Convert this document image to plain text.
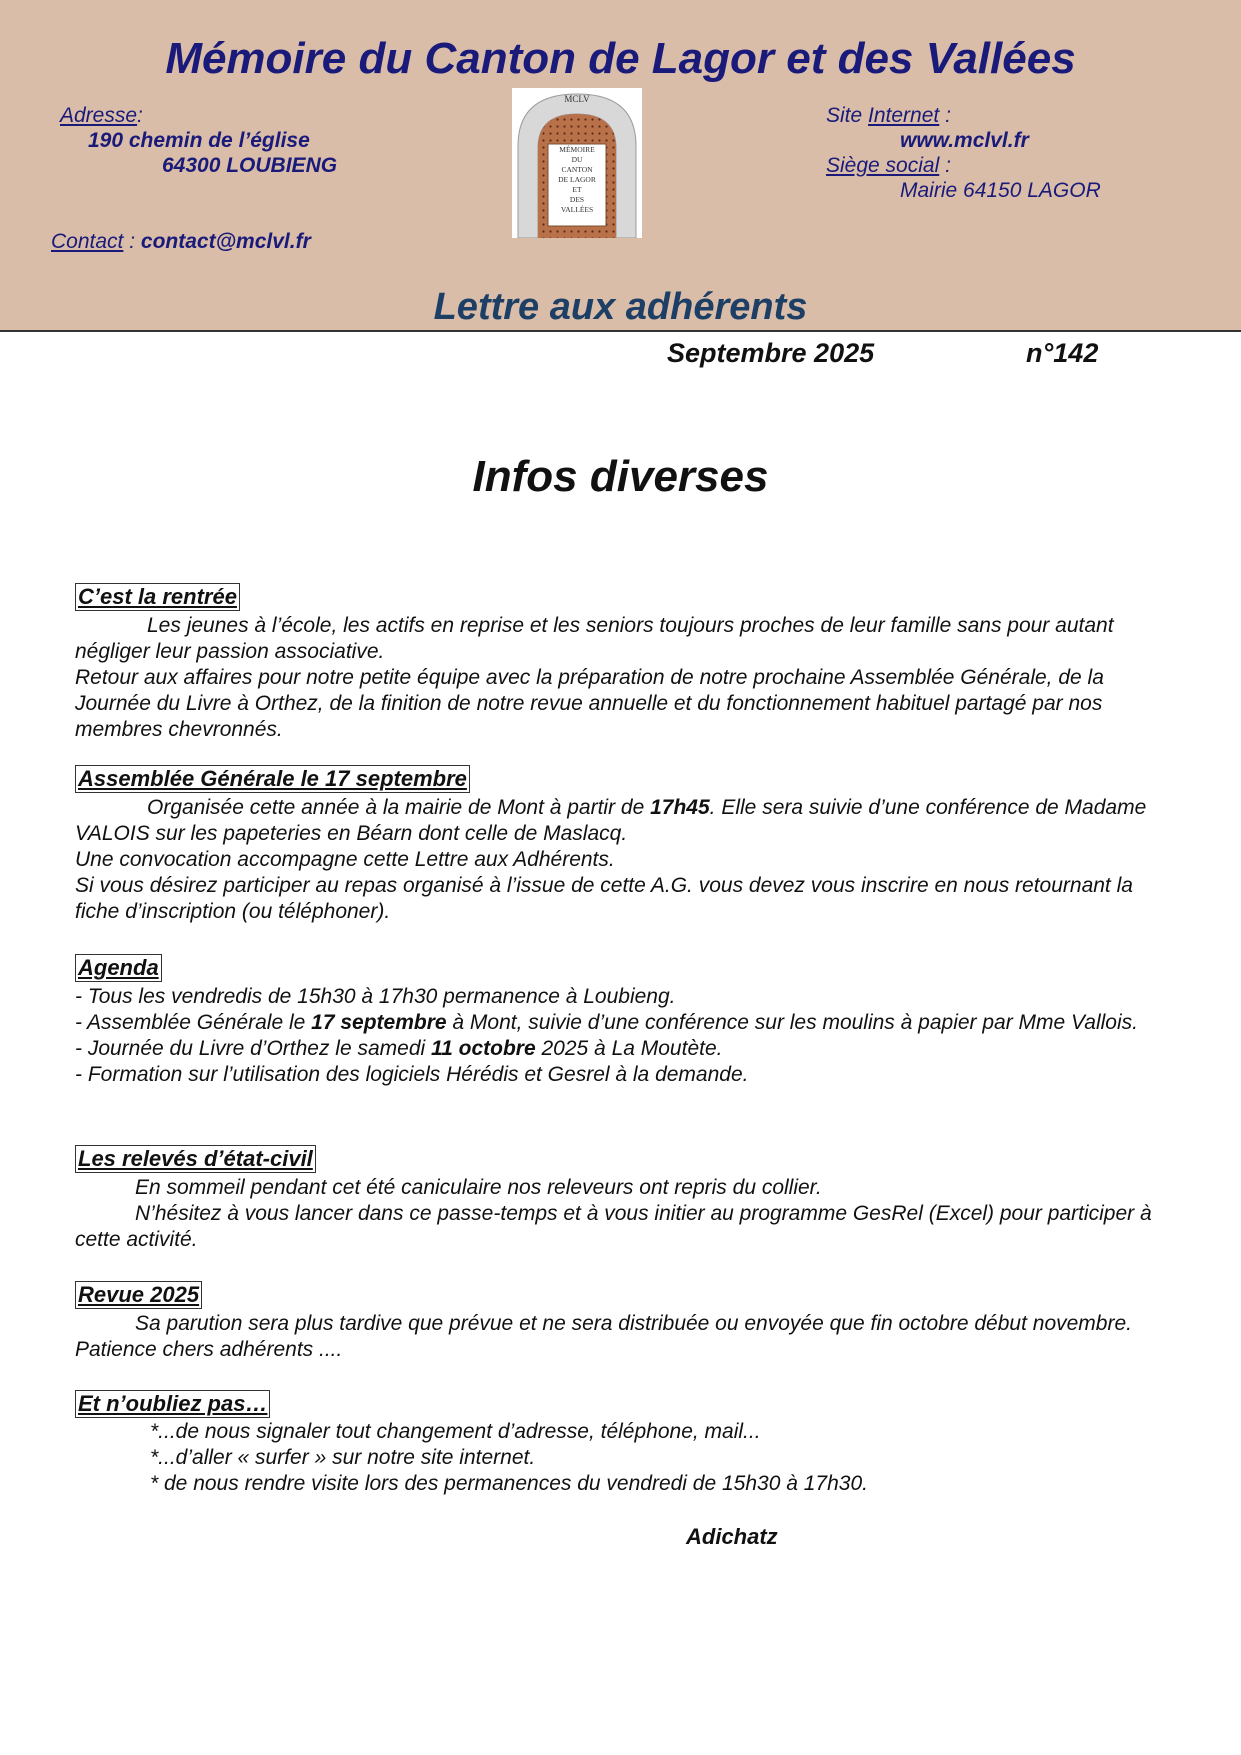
Mémoire du Canton de Lagor et des Vallées
Adresse:
190 chemin de l’église
64300 LOUBIENG
Contact : contact@mclvl.fr
MCLV
MÉMOIRE
DU
CANTON
DE LAGOR
ET
DES
VALLÉES
Site Internet :
www.mclvl.fr
Siège social :
Mairie 64150 LAGOR
Lettre aux adhérents
Septembre 2025	n°142
Infos diverses
C’est la rentrée

Les jeunes à l’école, les actifs en reprise et les seniors toujours proches de leur famille sans pour autant négliger leur passion associative.

Retour aux affaires pour notre petite équipe avec la préparation de notre prochaine Assemblée Générale, de la Journée du Livre à Orthez, de la finition de notre revue annuelle et du fonctionnement habituel partagé par nos membres chevronnés.

Assemblée Générale le 17 septembre

Organisée cette année à la mairie de Mont à partir de 17h45. Elle sera suivie d’une conférence de Madame VALOIS sur les papeteries en Béarn dont celle de Maslacq.

Une convocation accompagne cette Lettre aux Adhérents.

Si vous désirez participer au repas organisé à l’issue de cette A.G. vous devez vous inscrire en nous retournant la fiche d’inscription (ou téléphoner).

Agenda

- Tous les vendredis de 15h30 à 17h30 permanence à Loubieng.

- Assemblée Générale le 17 septembre à Mont, suivie d’une conférence sur les moulins à papier par Mme Vallois.

- Journée du Livre d’Orthez le samedi 11 octobre 2025 à La Moutète.

- Formation sur l’utilisation des logiciels Hérédis et Gesrel à la demande.

Les relevés d’état-civil

En sommeil pendant cet été caniculaire nos releveurs ont repris du collier.

N’hésitez à vous lancer dans ce passe-temps et à vous initier au programme GesRel (Excel) pour participer à cette activité.

Revue 2025

Sa parution sera plus tardive que prévue et ne sera distribuée ou envoyée que fin octobre début novembre. Patience chers adhérents ....

Et n’oubliez pas…

*...de nous signaler tout changement d’adresse, téléphone, mail...

*...d’aller « surfer » sur notre site internet.

* de nous rendre visite lors des permanences du vendredi de 15h30 à 17h30.

Adichatz
